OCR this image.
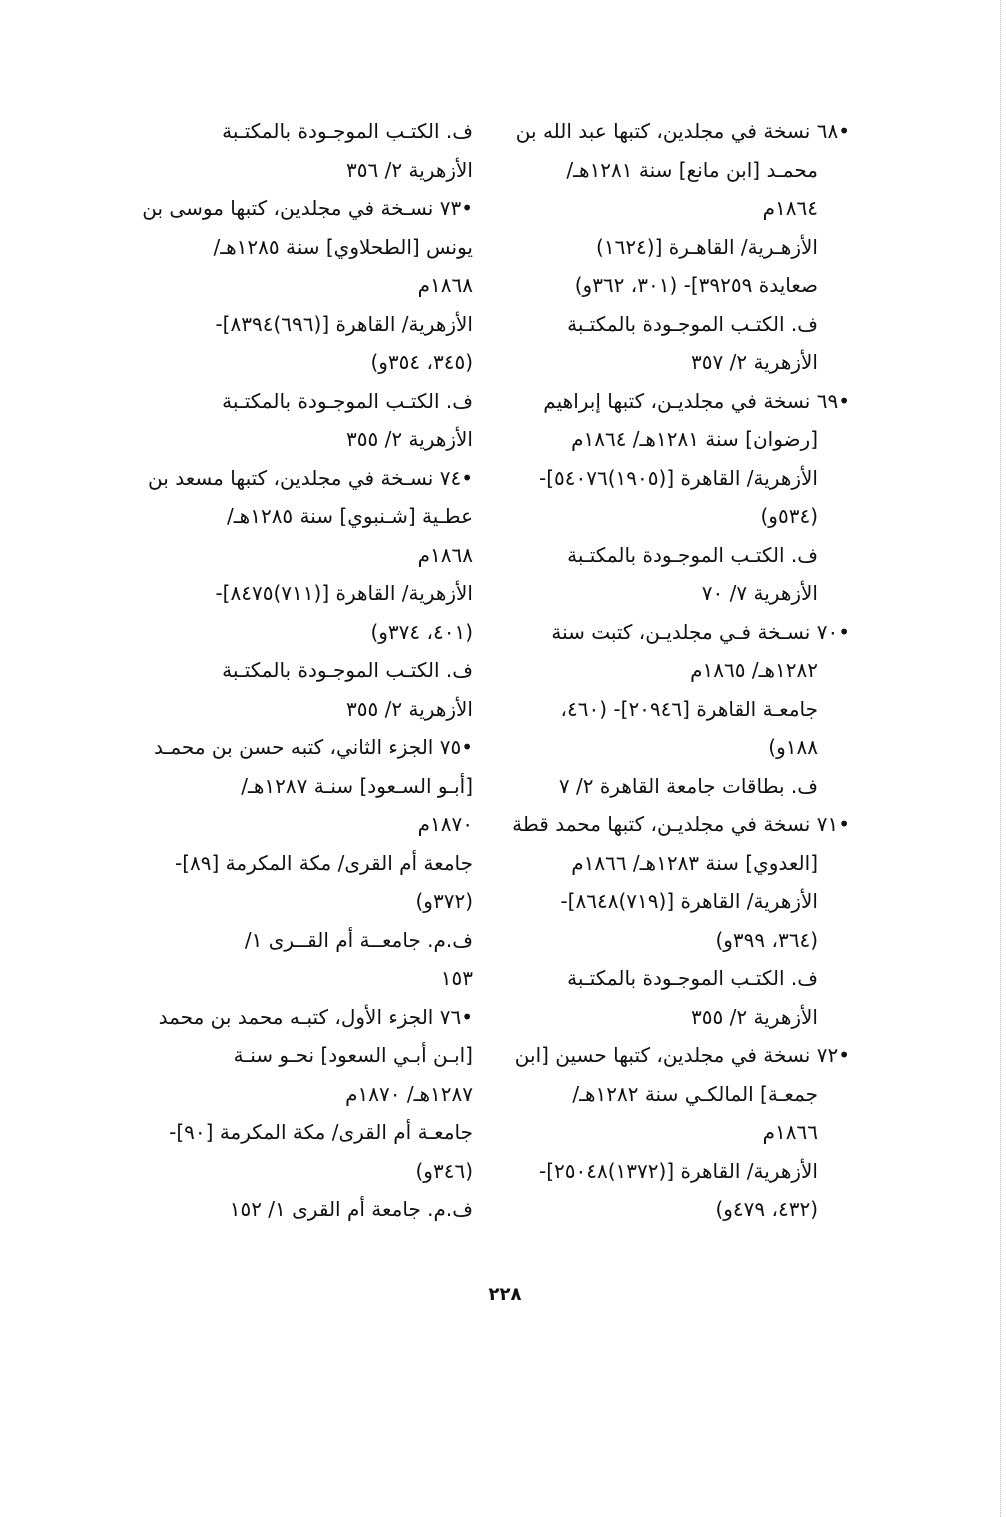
•٦٨ نسخة في مجلدين، كتبها عبد الله بن
محمـد [ابن مانع] سنة ١٢٨١هـ/
١٨٦٤م
الأزهـرية/ القاهـرة [(١٦٢٤)
صعايدة ٣٩٢٥٩]- (٣٠١، ٣٦٢و)
ف. الكتـب الموجـودة بالمكتـبة
الأزهرية ٢/ ٣٥٧
•٦٩ نسخة في مجلديـن، كتبها إبراهيم
[رضوان] سنة ١٢٨١هـ/ ١٨٦٤م
الأزهرية/ القاهرة [(١٩٠٥)٥٤٠٧٦]-
(٥٣٤و)
ف. الكتـب الموجـودة بالمكتـبة
الأزهرية ٧/ ٧٠
•٧٠ نسـخة فـي مجلديـن، كتبت سنة
١٢٨٢هـ/ ١٨٦٥م
جامعـة القاهرة [٢٠٩٤٦]- (٤٦٠،
١٨٨و)
ف. بطاقات جامعة القاهرة ٢/ ٧
•٧١ نسخة في مجلديـن، كتبها محمد قطة
[العدوي] سنة ١٢٨٣هـ/ ١٨٦٦م
الأزهرية/ القاهرة [(٧١٩)٨٦٤٨]-
(٣٦٤، ٣٩٩و)
ف. الكتـب الموجـودة بالمكتـبة
الأزهرية ٢/ ٣٥٥
•٧٢ نسخة في مجلدين، كتبها حسين [ابن
جمعـة] المالكـي سنة ١٢٨٢هـ/
١٨٦٦م
الأزهرية/ القاهرة [(١٣٧٢)٢٥٠٤٨]-
(٤٣٢، ٤٧٩و)
ف. الكتـب الموجـودة بالمكتـبة
الأزهرية ٢/ ٣٥٦
•٧٣ نسـخة في مجلدين، كتبها موسى بن
يونس [الطحلاوي] سنة ١٢٨٥هـ/
١٨٦٨م
الأزهرية/ القاهرة [(٦٩٦)٨٣٩٤]-
(٣٤٥، ٣٥٤و)
ف. الكتـب الموجـودة بالمكتـبة
الأزهرية ٢/ ٣٥٥
•٧٤ نسـخة في مجلدين، كتبها مسعد بن
عطـية [شـنبوي] سنة ١٢٨٥هـ/
١٨٦٨م
الأزهرية/ القاهرة [(٧١١)٨٤٧٥]-
(٤٠١، ٣٧٤و)
ف. الكتـب الموجـودة بالمكتـبة
الأزهرية ٢/ ٣٥٥
•٧٥ الجزء الثاني، كتبه حسن بن محمـد
[أبـو السـعود] سنـة ١٢٨٧هـ/
١٨٧٠م
جامعة أم القرى/ مكة المكرمة [٨٩]-
(٣٧٢و)
ف.م. جامعــة أم القــرى ١/
١٥٣
•٧٦ الجزء الأول، كتبـه محمد بن محمد
[ابـن أبـي السعود] نحـو سنـة
١٢٨٧هـ/ ١٨٧٠م
جامعـة أم القرى/ مكة المكرمة [٩٠]-
(٣٤٦و)
ف.م. جامعة أم القرى ١/ ١٥٢
٢٢٨
